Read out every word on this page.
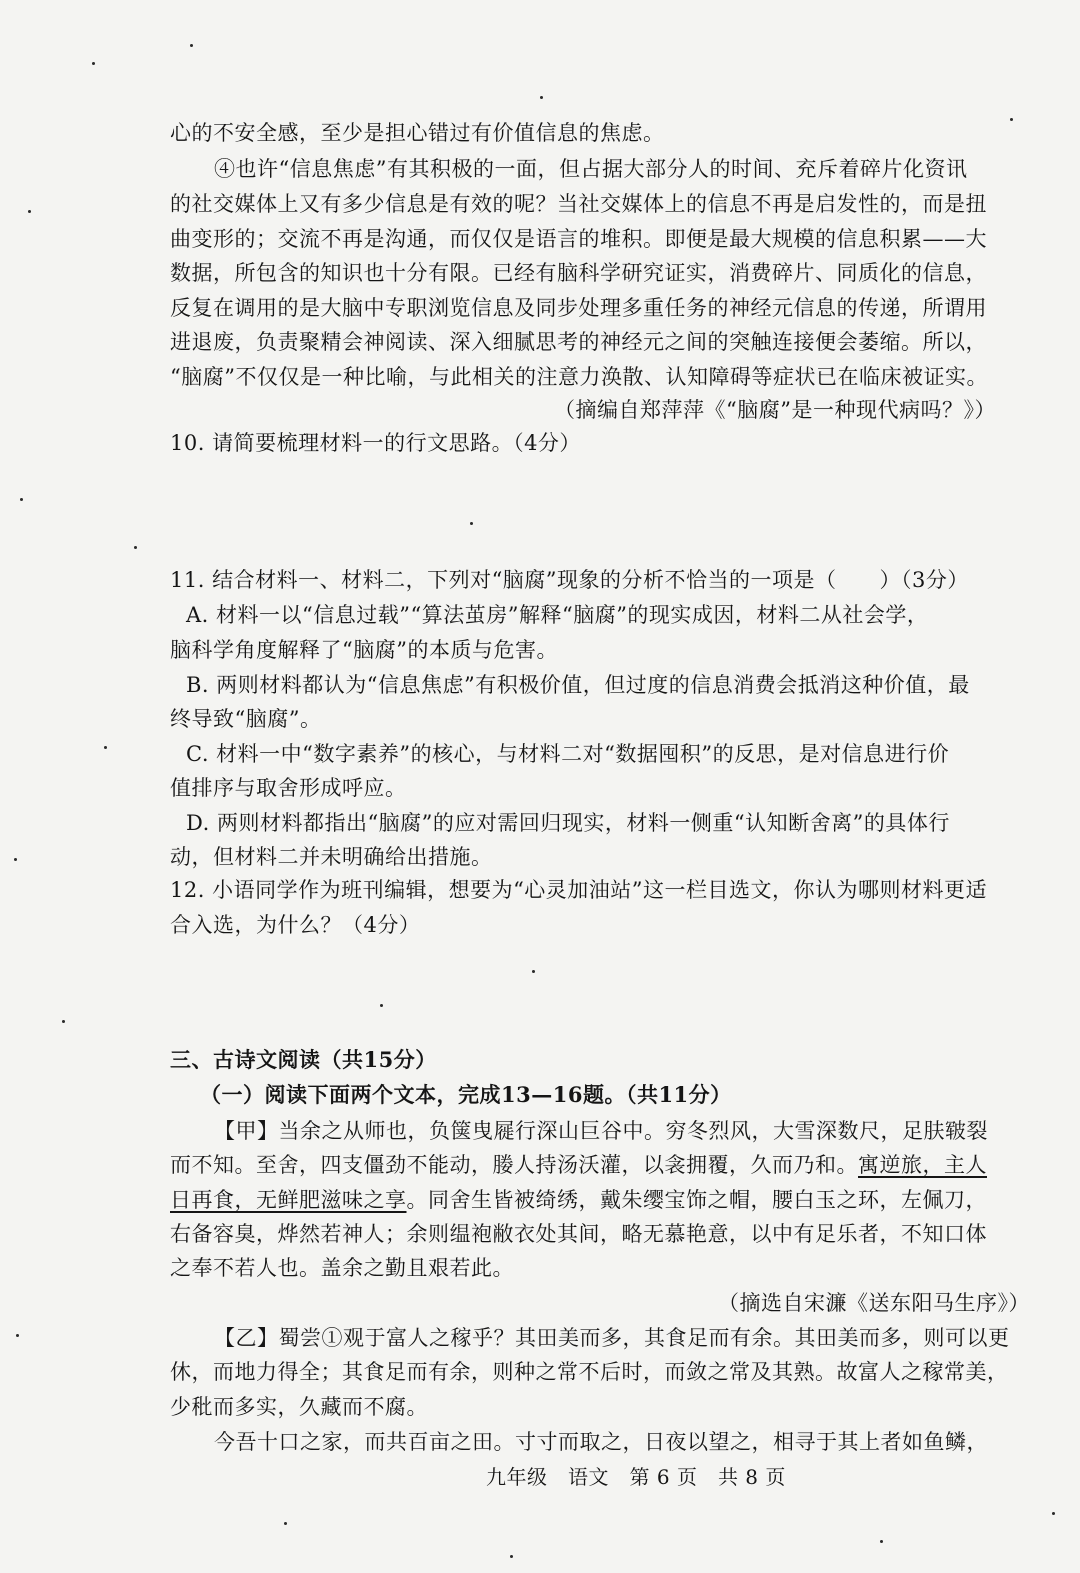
心的不安全感，至少是担心错过有价值信息的焦虑。
④也许“信息焦虑”有其积极的一面，但占据大部分人的时间、充斥着碎片化资讯
的社交媒体上又有多少信息是有效的呢？当社交媒体上的信息不再是启发性的，而是扭
曲变形的；交流不再是沟通，而仅仅是语言的堆积。即便是最大规模的信息积累——大
数据，所包含的知识也十分有限。已经有脑科学研究证实，消费碎片、同质化的信息，
反复在调用的是大脑中专职浏览信息及同步处理多重任务的神经元信息的传递，所谓用
进退废，负责聚精会神阅读、深入细腻思考的神经元之间的突触连接便会萎缩。所以，
“脑腐”不仅仅是一种比喻，与此相关的注意力涣散、认知障碍等症状已在临床被证实。
（摘编自郑萍萍《“脑腐”是一种现代病吗？》）
10. 请简要梳理材料一的行文思路。（4分）
11. 结合材料一、材料二，下列对“脑腐”现象的分析不恰当的一项是（　　）（3分）
A. 材料一以“信息过载”“算法茧房”解释“脑腐”的现实成因，材料二从社会学，
脑科学角度解释了“脑腐”的本质与危害。
B. 两则材料都认为“信息焦虑”有积极价值，但过度的信息消费会抵消这种价值，最
终导致“脑腐”。
C. 材料一中“数字素养”的核心，与材料二对“数据囤积”的反思，是对信息进行价
值排序与取舍形成呼应。
D. 两则材料都指出“脑腐”的应对需回归现实，材料一侧重“认知断舍离”的具体行
动，但材料二并未明确给出措施。
12. 小语同学作为班刊编辑，想要为“心灵加油站”这一栏目选文，你认为哪则材料更适
合入选，为什么？（4分）
三、古诗文阅读（共15分）
（一）阅读下面两个文本，完成13—16题。（共11分）
【甲】当余之从师也，负箧曳屣行深山巨谷中。穷冬烈风，大雪深数尺，足肤皲裂
而不知。至舍，四支僵劲不能动，媵人持汤沃灌，以衾拥覆，久而乃和。寓逆旅，主人
日再食，无鲜肥滋味之享。同舍生皆被绮绣，戴朱缨宝饰之帽，腰白玉之环，左佩刀，
右备容臭，烨然若神人；余则缊袍敝衣处其间，略无慕艳意，以中有足乐者，不知口体
之奉不若人也。盖余之勤且艰若此。
（摘选自宋濂《送东阳马生序》）
【乙】蜀尝①观于富人之稼乎？其田美而多，其食足而有余。其田美而多，则可以更
休，而地力得全；其食足而有余，则种之常不后时，而敛之常及其熟。故富人之稼常美，
少秕而多实，久藏而不腐。
今吾十口之家，而共百亩之田。寸寸而取之，日夜以望之，相寻于其上者如鱼鳞，
九年级　语文　第 6 页　共 8 页
